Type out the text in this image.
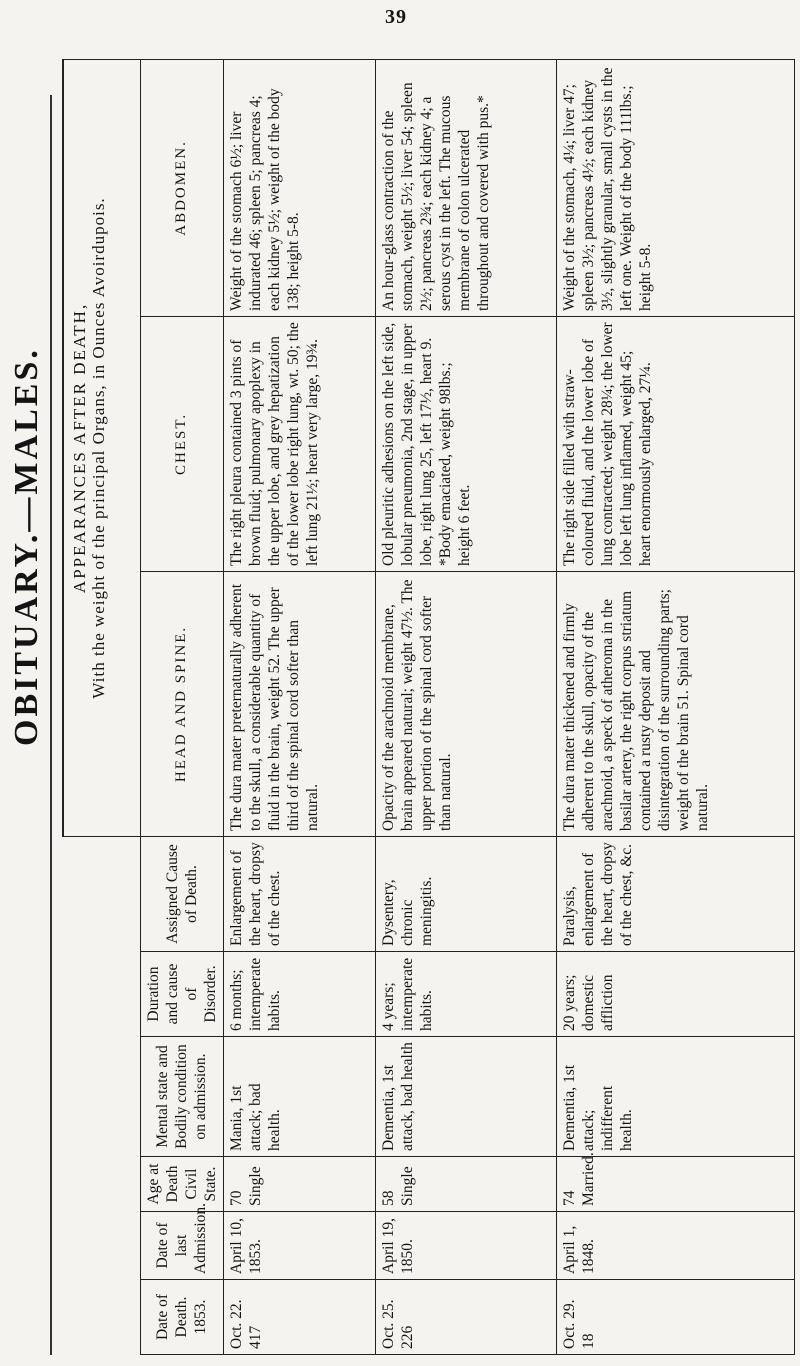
39
OBITUARY.—MALES.

						APPEARANCES AFTER DEATH, With the weight of the principal Organs, in Ounces Avoirdupois.		
Date of Death. 1853.	Date of last Admission.	Age at Death Civil State.	Mental state and Bodily condition on admission.	Duration and cause of Disorder.	Assigned Cause of Death.	HEAD AND SPINE.	CHEST.	ABDOMEN.
Oct. 22. 417	April 10, 1853.	70 Single	Mania, 1st attack; bad health.	6 months; intemperate habits.	Enlargement of the heart, dropsy of the chest.	The dura mater preternaturally adherent to the skull, a considerable quantity of fluid in the brain, weight 52. The upper third of the spinal cord softer than natural.	The right pleura contained 3 pints of brown fluid; pulmonary apoplexy in the upper lobe, and grey hepatization of the lower lobe right lung, wt. 50; the left lung 21½; heart very large, 19¾.	Weight of the stomach 6½; liver indurated 46; spleen 5; pancreas 4; each kidney 5½; weight of the body 138; height 5-8.
Oct. 25. 226	April 19, 1850.	58 Single	Dementia, 1st attack, bad health	4 years; intemperate habits.	Dysentery, chronic meningitis.	Opacity of the arachnoid membrane, brain appeared natural; weight 47½. The upper portion of the spinal cord softer than natural.	Old pleuritic adhesions on the left side, lobular pneumonia, 2nd stage, in upper lobe, right lung 25, left 17½, heart 9. *Body emaciated, weight 98lbs.; height 6 feet.	An hour-glass contraction of the stomach, weight 5½; liver 54; spleen 2½; pancreas 2¾; each kidney 4; a serous cyst in the left. The mucous membrane of colon ulcerated throughout and covered with pus.*
Oct. 29. 18	April 1, 1848.	74 Married.	Dementia, 1st attack; indifferent health.	20 years; domestic affliction	Paralysis, enlargement of the heart, dropsy of the chest, &c.	The dura mater thickened and firmly adherent to the skull, opacity of the arachnoid, a speck of atheroma in the basilar artery, the right corpus striatum contained a rusty deposit and disintegration of the surrounding parts; weight of the brain 51. Spinal cord natural.	The right side filled with straw-coloured fluid, and the lower lobe of lung contracted; weight 28¼; the lower lobe left lung inflamed, weight 45; heart enormously enlarged, 27¼.	Weight of the stomach, 4¼; liver 47; spleen 3½; pancreas 4½; each kidney 3½, slightly granular, small cysts in the left one. Weight of the body 111lbs.; height 5-8.
